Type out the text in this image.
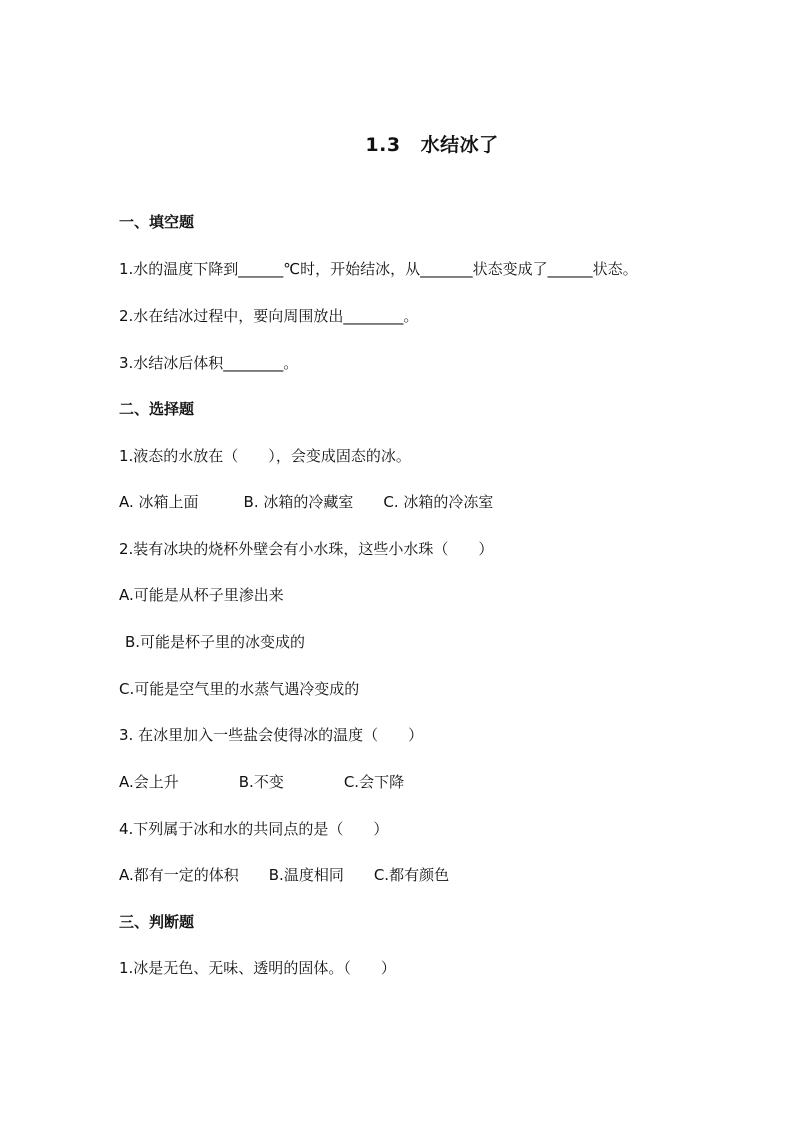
1.3 水结冰了
一、填空题
1.水的温度下降到______℃时，开始结冰，从_______状态变成了______状态。
2.水在结冰过程中，要向周围放出________。
3.水结冰后体积________。
二、选择题
1.液态的水放在（　　），会变成固态的冰。
A. 冰箱上面　　　B. 冰箱的冷藏室　　C. 冰箱的冷冻室
2.装有冰块的烧杯外壁会有小水珠，这些小水珠（　　）
A.可能是从杯子里渗出来
B.可能是杯子里的冰变成的
C.可能是空气里的水蒸气遇冷变成的
3. 在冰里加入一些盐会使得冰的温度（　　）
A.会上升　　　　B.不变　　　　C.会下降
4.下列属于冰和水的共同点的是（　　）
A.都有一定的体积　　B.温度相同　　C.都有颜色
三、判断题
1.冰是无色、无味、透明的固体。（　　）
